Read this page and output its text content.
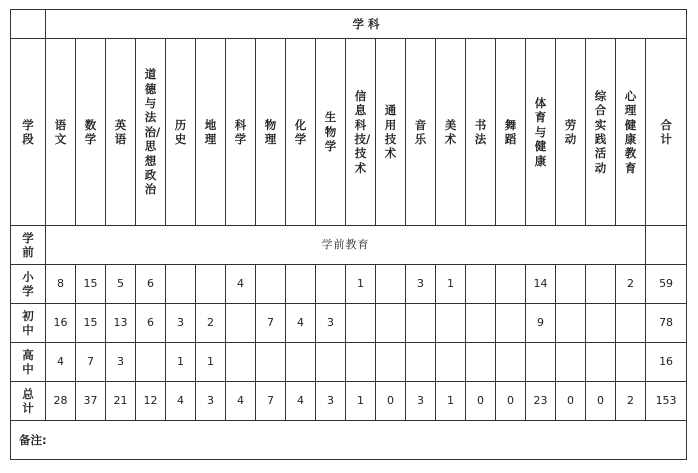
	学 科																				
学段	语文	数学	英语	道德与法治/思想政治	历史	地理	科学	物理	化学	生物学	信息科技/技术	通用技术	音乐	美术	书法	舞蹈	体育与健康	劳动	综合实践活动	心理健康教育	合计
学前	学前教育																				
小学	8	15	5	6			4				1		3	1			14			2	59
初中	16	15	13	6	3	2		7	4	3							9				78
高中	4	7	3		1	1															16
总计	28	37	21	12	4	3	4	7	4	3	1	0	3	1	0	0	23	0	0	2	153
备注:																					
